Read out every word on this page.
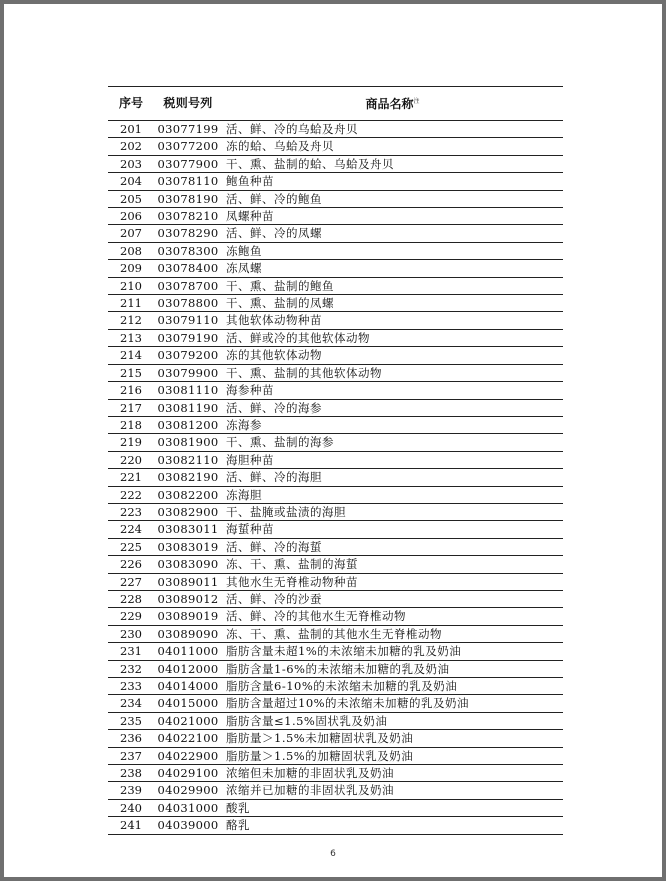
序号	税则号列	商品名称$^注$
201	03077199	活、鲜、冷的乌蛤及舟贝
202	03077200	冻的蛤、乌蛤及舟贝
203	03077900	干、熏、盐制的蛤、乌蛤及舟贝
204	03078110	鲍鱼种苗
205	03078190	活、鲜、冷的鲍鱼
206	03078210	凤螺种苗
207	03078290	活、鲜、冷的凤螺
208	03078300	冻鲍鱼
209	03078400	冻凤螺
210	03078700	干、熏、盐制的鲍鱼
211	03078800	干、熏、盐制的凤螺
212	03079110	其他软体动物种苗
213	03079190	活、鲜或冷的其他软体动物
214	03079200	冻的其他软体动物
215	03079900	干、熏、盐制的其他软体动物
216	03081110	海参种苗
217	03081190	活、鲜、冷的海参
218	03081200	冻海参
219	03081900	干、熏、盐制的海参
220	03082110	海胆种苗
221	03082190	活、鲜、冷的海胆
222	03082200	冻海胆
223	03082900	干、盐腌或盐渍的海胆
224	03083011	海蜇种苗
225	03083019	活、鲜、冷的海蜇
226	03083090	冻、干、熏、盐制的海蜇
227	03089011	其他水生无脊椎动物种苗
228	03089012	活、鲜、冷的沙蚕
229	03089019	活、鲜、冷的其他水生无脊椎动物
230	03089090	冻、干、熏、盐制的其他水生无脊椎动物
231	04011000	脂肪含量未超1%的未浓缩未加糖的乳及奶油
232	04012000	脂肪含量1-6%的未浓缩未加糖的乳及奶油
233	04014000	脂肪含量6-10%的未浓缩未加糖的乳及奶油
234	04015000	脂肪含量超过10%的未浓缩未加糖的乳及奶油
235	04021000	脂肪含量≤1.5%固状乳及奶油
236	04022100	脂肪量＞1.5%未加糖固状乳及奶油
237	04022900	脂肪量＞1.5%的加糖固状乳及奶油
238	04029100	浓缩但未加糖的非固状乳及奶油
239	04029900	浓缩并已加糖的非固状乳及奶油
240	04031000	酸乳
241	04039000	酪乳
6
